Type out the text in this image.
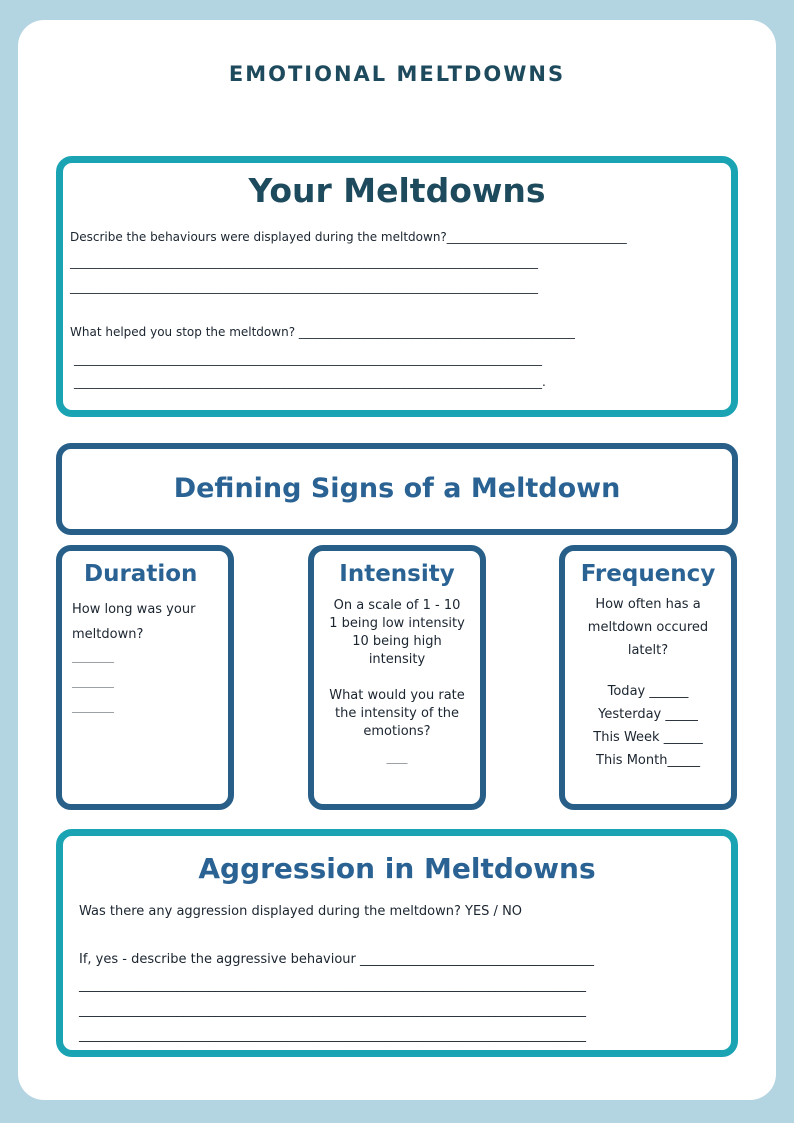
EMOTIONAL MELTDOWNS
Your Meltdowns

Describe the behaviours were displayed during the meltdown?______________________________

______________________________________________________________________________

______________________________________________________________________________

What helped you stop the meltdown? ______________________________________________

______________________________________________________________________________

______________________________________________________________________________.

Defining Signs of a Meltdown
Duration

How long was your meltdown?

______________

______________

______________

Intensity

On a scale of 1 - 10

1 being low intensity

10 being high intensity

What would you rate the intensity of the emotions?

_______

Frequency

How often has a meltdown occured latelt?

Today ______

Yesterday _____

This Week ______

This Month_____

Aggression in Meltdowns

Was there any aggression displayed during the meltdown? YES / NO

If, yes - describe the aggressive behaviour ____________________________________

______________________________________________________________________________

______________________________________________________________________________

______________________________________________________________________________
